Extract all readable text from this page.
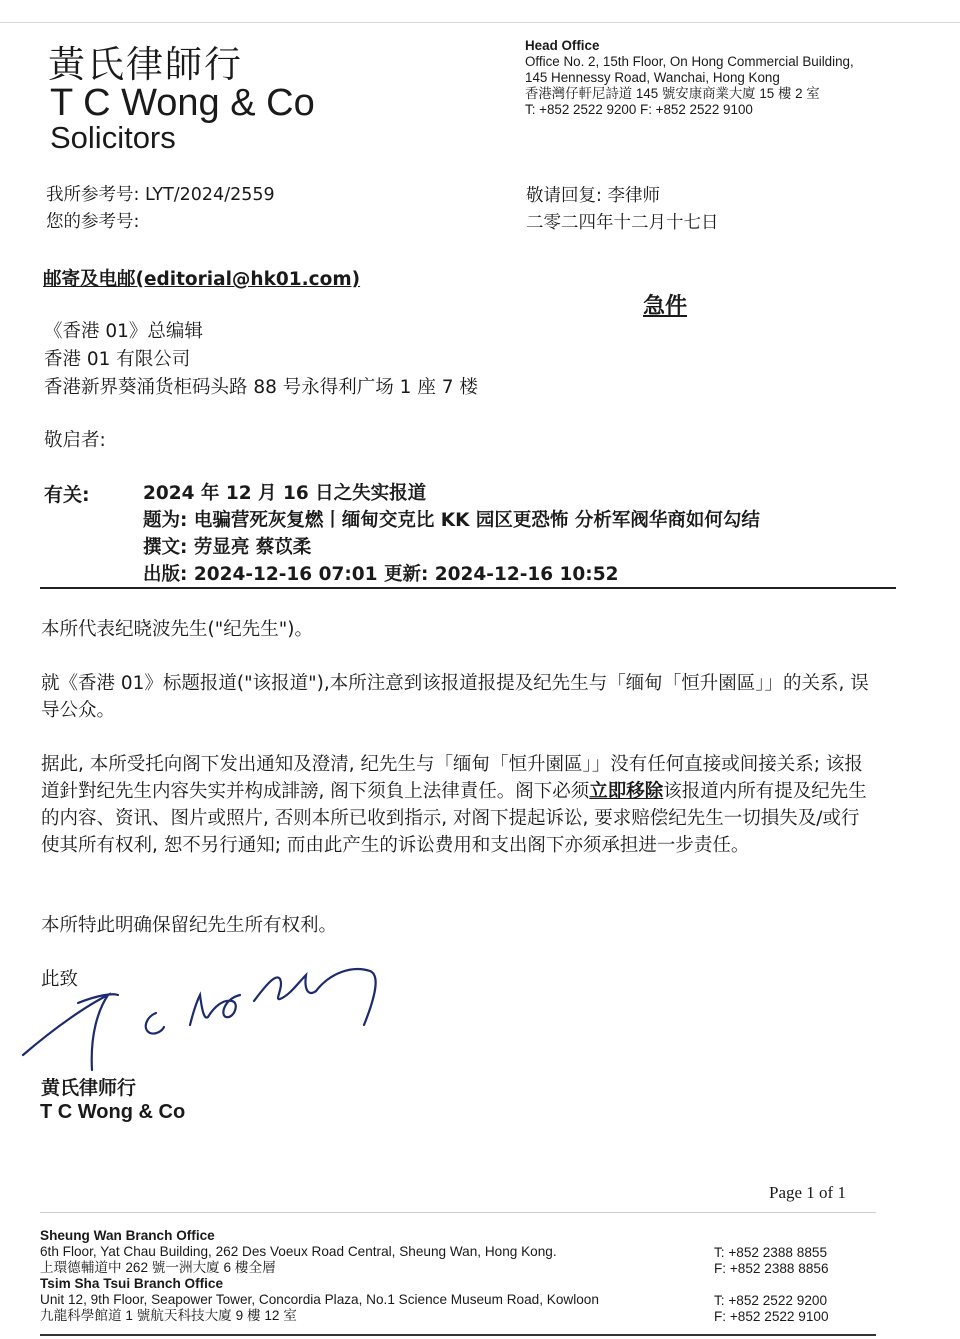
黃氏律師行
T C Wong & Co
Solicitors
Head Office
Office No. 2, 15th Floor, On Hong Commercial Building,
145 Hennessy Road, Wanchai, Hong Kong
香港灣仔軒尼詩道 145 號安康商業大廈 15 樓 2 室
T: +852 2522 9200 F: +852 2522 9100
我所参考号: LYT/2024/2559
您的参考号:
敬请回复: 李律师
二零二四年十二月十七日
邮寄及电邮(editorial@hk01.com)
急件
《香港 01》总编辑
香港 01 有限公司
香港新界葵涌货柜码头路 88 号永得利广场 1 座 7 楼
敬启者:
有关:	2024 年 12 月 16 日之失实报道
题为: 电骗营死灰复燃丨缅甸交克比 KK 园区更恐怖 分析军阀华商如何勾结
撰文: 劳显亮 蔡苡柔
出版: 2024-12-16 07:01 更新: 2024-12-16 10:52
本所代表纪晓波先生("纪先生")。
就《香港 01》标题报道("该报道"),本所注意到该报道报提及纪先生与「缅甸「恒升園區」」的关系, 误导公众。
据此, 本所受托向阁下发出通知及澄清, 纪先生与「缅甸「恒升園區」」没有任何直接或间接关系; 该报道針對纪先生内容失实并构成誹謗, 阁下须負上法律責任。阁下必须立即移除该报道内所有提及纪先生的内容、资讯、图片或照片, 否则本所已收到指示, 对阁下提起诉讼, 要求赔偿纪先生一切損失及/或行使其所有权利, 恕不另行通知; 而由此产生的诉讼费用和支出阁下亦须承担进一步责任。
本所特此明确保留纪先生所有权利。
此致
黄氏律师行
T C Wong & Co
Page 1 of 1
Sheung Wan Branch Office
6th Floor, Yat Chau Building, 262 Des Voeux Road Central, Sheung Wan, Hong Kong.
上環德輔道中 262 號一洲大廈 6 樓全層
T: +852 2388 8855
F: +852 2388 8856
Tsim Sha Tsui Branch Office
Unit 12, 9th Floor, Seapower Tower, Concordia Plaza, No.1 Science Museum Road, Kowloon
九龍科學館道 1 號航天科技大廈 9 樓 12 室
T: +852 2522 9200
F: +852 2522 9100
